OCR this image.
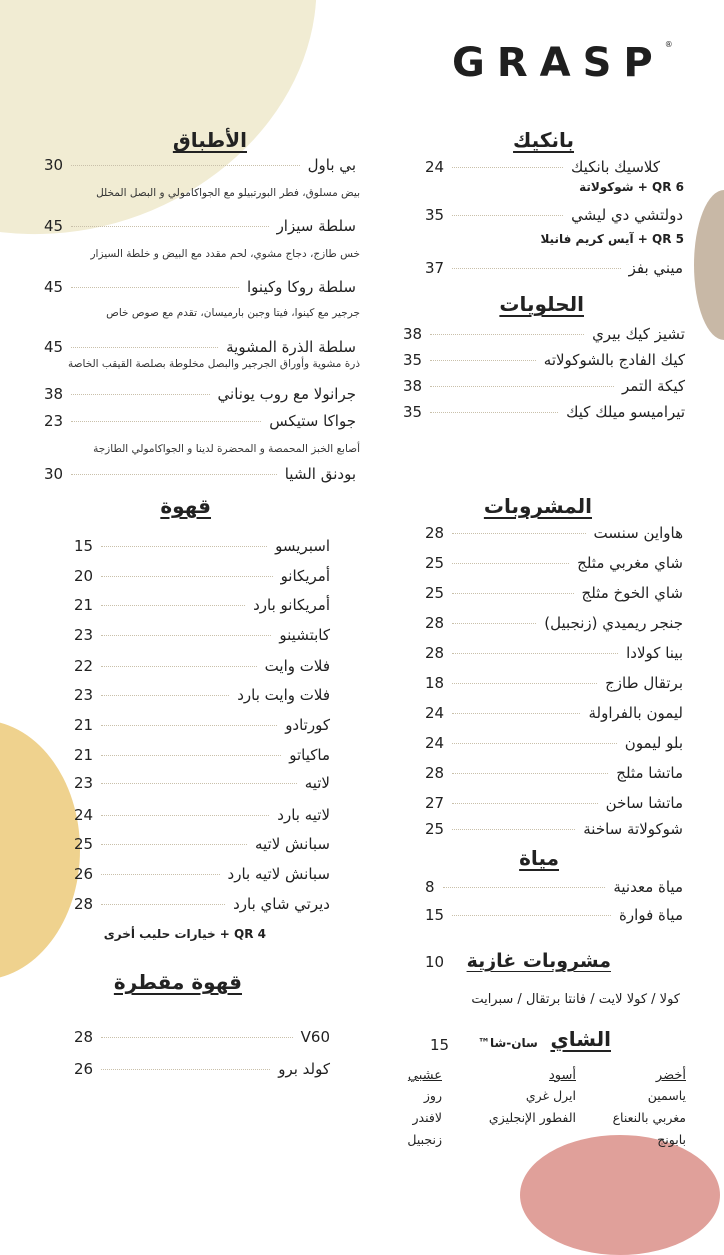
GRASP®
بانكيك
كلاسيك بانكيك
24
QR 6 + شوكولاتة
دولتشي دي ليشي
35
QR 5 + آيس كريم فانيلا
ميني بفز
37
الحلويات
تشيز كيك بيري
38
كيك الفادج بالشوكولاته
35
كيكة التمر
38
تيراميسو ميلك كيك
35
المشروبات
هاواين سنست
28
شاي مغربي مثلج
25
شاي الخوخ مثلج
25
جنجر ريميدي (زنجبيل)
28
بينا كولادا
28
برتقال طازج
18
ليمون بالفراولة
24
بلو ليمون
24
ماتشا مثلج
28
ماتشا ساخن
27
شوكولاتة ساخنة
25
مياة
مياة معدنية
8
مياة فوارة
15
مشروبات غازية
10
كولا / كولا لايت / فانتا برتقال / سبرايت
الشاي
سان-شا™
15
أخضر
ياسمين
مغربي بالنعناع
بابونج
أسود
ايرل غري
الفطور الإنجليزي
عشبي
روز
لافندر
زنجبيل
الأطباق
بي باول
30
بيض مسلوق، فطر البورتبيلو مع الجواكامولي و البصل المخلل
سلطة سيزار
45
خس طازج، دجاج مشوي، لحم مقدد مع البيض و خلطة السيزار
سلطة روكا وكينوا
45
جرجير مع كينوا، فيتا وجبن بارميسان، تقدم مع صوص خاص
سلطة الذرة المشوية
45
ذرة مشوية وأوراق الجرجير والبصل مخلوطة بصلصة القيقب الخاصة
جرانولا مع روب يوناني
38
جواكا ستيكس
23
أصابع الخبز المحمصة و المحضرة لدينا و الجواكامولي الطازجة
بودنق الشيا
30
قهوة
اسبريسو
15
أمريكانو
20
أمريكانو بارد
21
كابتشينو
23
فلات وايت
22
فلات وايت بارد
23
كورتادو
21
ماكياتو
21
لاتيه
23
لاتيه بارد
24
سبانش لاتيه
25
سبانش لاتيه بارد
26
ديرتي شاي بارد
28
QR 4 + خيارات حليب أخرى
قهوة مقطرة
V60
28
كولد برو
26
